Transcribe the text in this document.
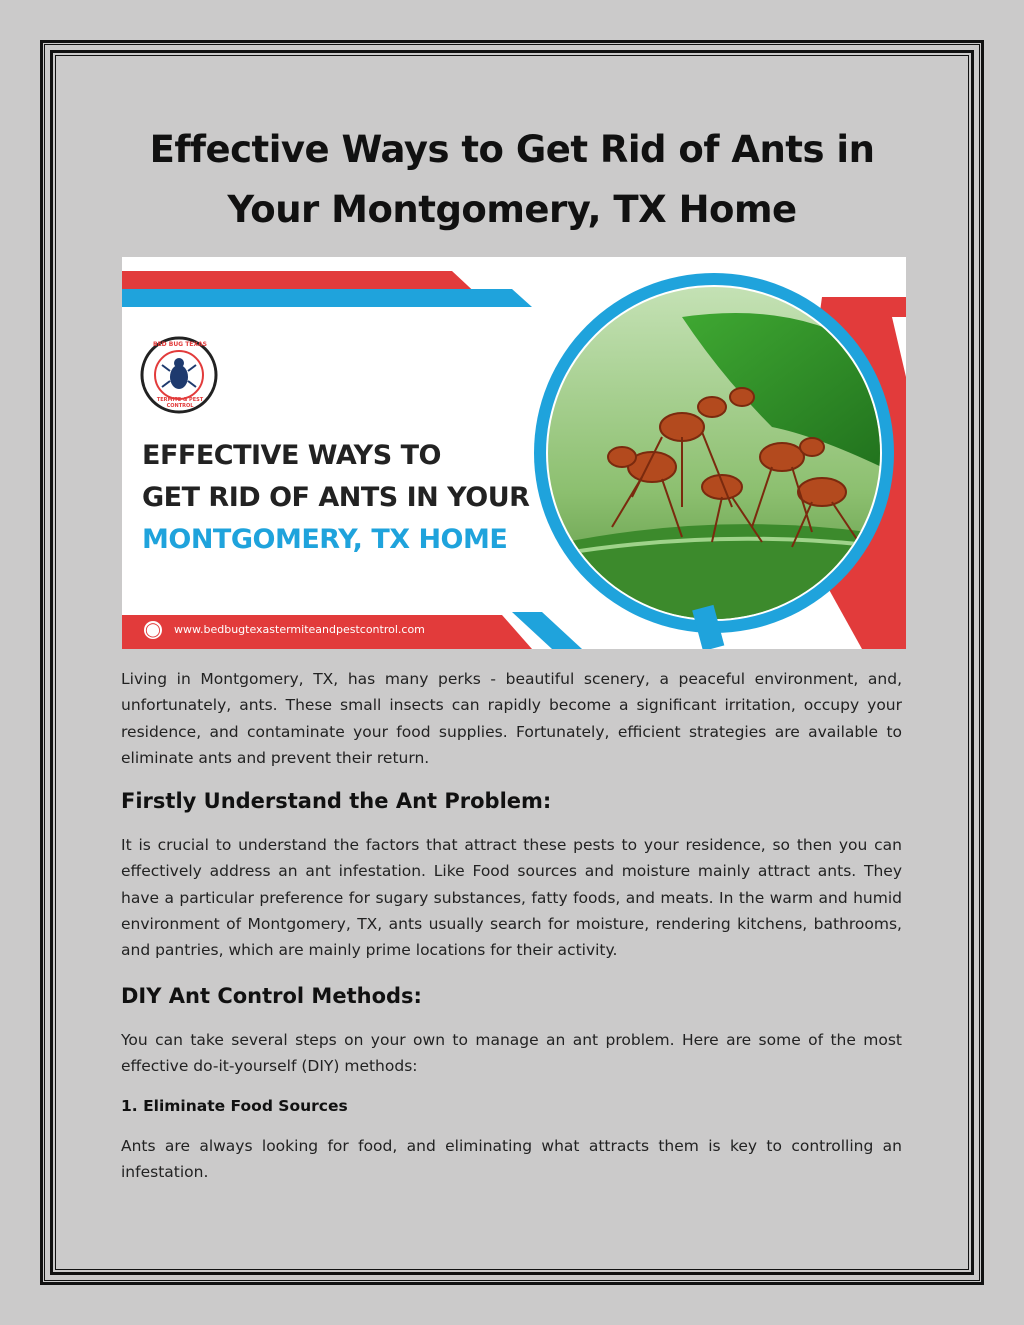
Effective Ways to Get Rid of Ants in Your Montgomery, TX Home
BED BUG TEXAS
TERMITE & PEST CONTROL
EFFECTIVE WAYS TO
GET RID OF ANTS IN YOUR
MONTGOMERY, TX HOME
◯ www.bedbugtexastermiteandpestcontrol.com

Living in Montgomery, TX, has many perks - beautiful scenery, a peaceful environment, and, unfortunately, ants. These small insects can rapidly become a significant irritation, occupy your residence, and contaminate your food supplies. Fortunately, efficient strategies are available to eliminate ants and prevent their return.

Firstly Understand the Ant Problem:

It is crucial to understand the factors that attract these pests to your residence, so then you can effectively address an ant infestation. Like Food sources and moisture mainly attract ants. They have a particular preference for sugary substances, fatty foods, and meats. In the warm and humid environment of Montgomery, TX, ants usually search for moisture, rendering kitchens, bathrooms, and pantries, which are mainly prime locations for their activity.

DIY Ant Control Methods:

You can take several steps on your own to manage an ant problem. Here are some of the most effective do-it-yourself (DIY) methods:

1. Eliminate Food Sources

Ants are always looking for food, and eliminating what attracts them is key to controlling an infestation.
